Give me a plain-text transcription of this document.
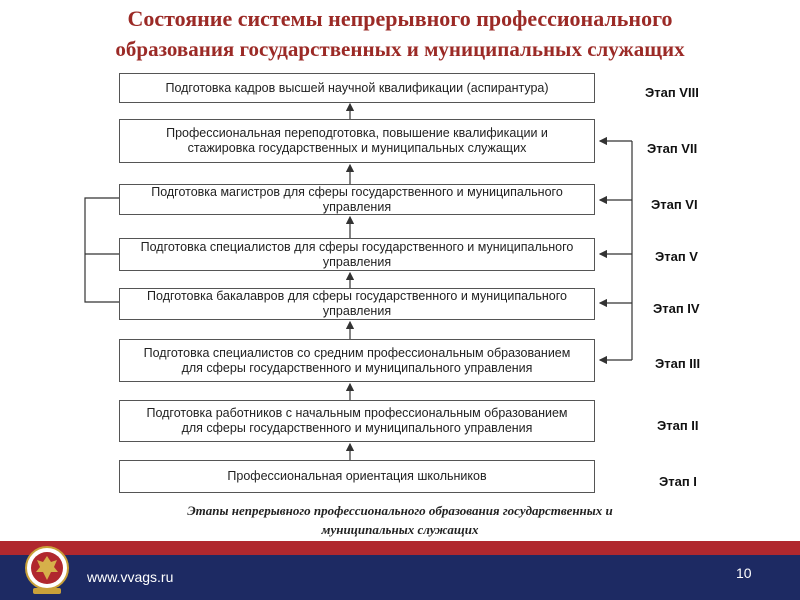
Состояние системы непрерывного профессионального
образования государственных и муниципальных служащих
Подготовка кадров высшей научной квалификации (аспирантура)
Профессиональная переподготовка, повышение квалификации и стажировка государственных и муниципальных служащих
Подготовка магистров для сферы государственного и муниципального управления
Подготовка специалистов для сферы государственного и муниципального управления
Подготовка бакалавров для сферы государственного и муниципального управления
Подготовка специалистов со средним профессиональным образованием для сферы государственного и муниципального управления
Подготовка работников с начальным профессиональным образованием для сферы государственного и муниципального управления
Профессиональная ориентация школьников
Этап VIII
Этап VII
Этап VI
Этап V
Этап IV
Этап III
Этап II
Этап I
Этапы непрерывного профессионального образования государственных и
муниципальных служащих
www.vvags.ru	10
